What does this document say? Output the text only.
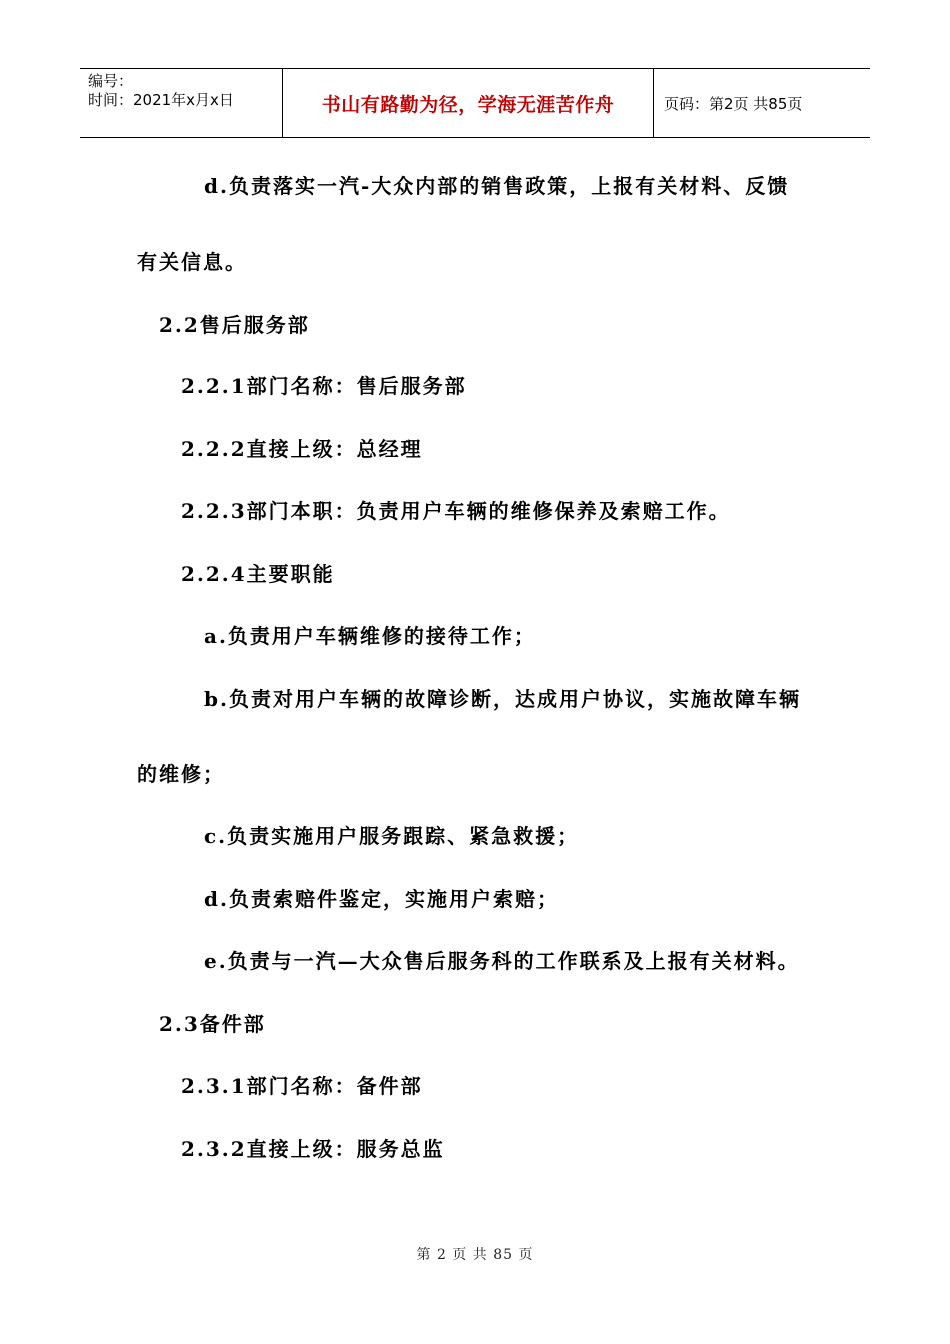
编号：
时间：2021年x月x日	书山有路勤为径，学海无涯苦作舟	页码：第2页 共85页
d.负责落实一汽-大众内部的销售政策，上报有关材料、反馈
有关信息。
2.2售后服务部
2.2.1部门名称：售后服务部
2.2.2直接上级：总经理
2.2.3部门本职：负责用户车辆的维修保养及索赔工作。
2.2.4主要职能
a.负责用户车辆维修的接待工作；
b.负责对用户车辆的故障诊断，达成用户协议，实施故障车辆
的维修；
c.负责实施用户服务跟踪、紧急救援；
d.负责索赔件鉴定，实施用户索赔；
e.负责与一汽—大众售后服务科的工作联系及上报有关材料。
2.3备件部
2.3.1部门名称：备件部
2.3.2直接上级：服务总监
第 2 页 共 85 页
